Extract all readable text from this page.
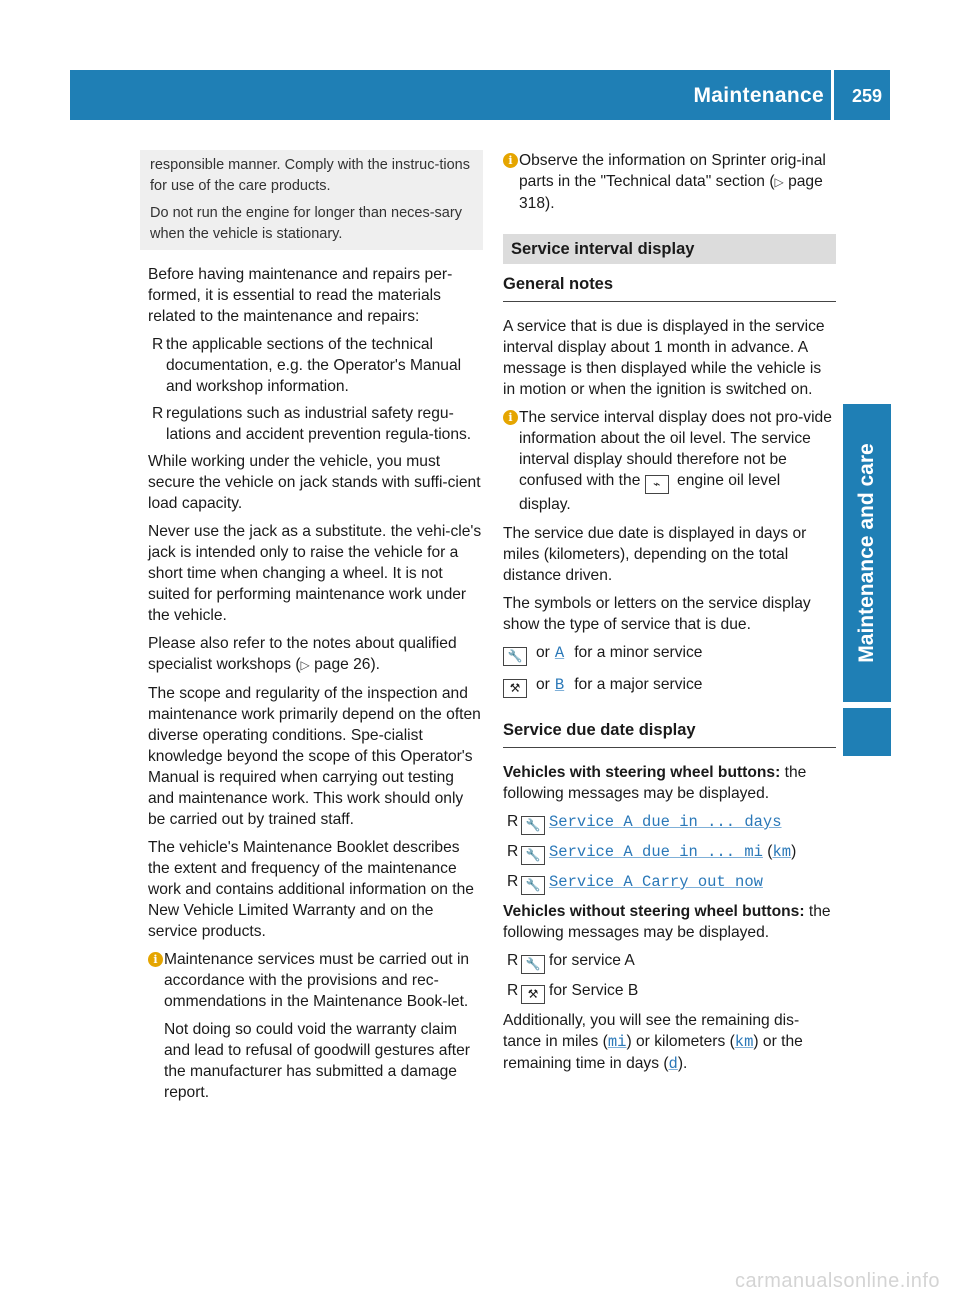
Maintenance 259
Maintenance and care

responsible manner. Comply with the instruc-tions for use of the care products.

Do not run the engine for longer than neces-sary when the vehicle is stationary.

Before having maintenance and repairs per-formed, it is essential to read the materials related to the maintenance and repairs:

R the applicable sections of the technical documentation, e.g. the Operator's Manual and workshop information.
R regulations such as industrial safety regu-lations and accident prevention regula-tions.

While working under the vehicle, you must secure the vehicle on jack stands with suffi-cient load capacity.

Never use the jack as a substitute. the vehi-cle's jack is intended only to raise the vehicle for a short time when changing a wheel. It is not suited for performing maintenance work under the vehicle.

Please also refer to the notes about qualified specialist workshops (▷ page 26).

The scope and regularity of the inspection and maintenance work primarily depend on the often diverse operating conditions. Spe-cialist knowledge beyond the scope of this Operator's Manual is required when carrying out testing and maintenance work. This work should only be carried out by trained staff.

The vehicle's Maintenance Booklet describes the extent and frequency of the maintenance work and contains additional information on the New Vehicle Limited Warranty and on the service products.

i Maintenance services must be carried out in accordance with the provisions and rec-ommendations in the Maintenance Book-let.

Not doing so could void the warranty claim and lead to refusal of goodwill gestures after the manufacturer has submitted a damage report.

i Observe the information on Sprinter orig-inal parts in the "Technical data" section (▷ page 318).

Service interval display
General notes

A service that is due is displayed in the service interval display about 1 month in advance. A message is then displayed while the vehicle is in motion or when the ignition is switched on.

i The service interval display does not pro-vide information about the oil level. The service interval display should therefore not be confused with the ⌁ engine oil level display.

The service due date is displayed in days or miles (kilometers), depending on the total distance driven.

The symbols or letters on the service display show the type of service that is due.

🔧 or A for a minor service
⚒ or B for a major service
Service due date display

Vehicles with steering wheel buttons: the following messages may be displayed.

R 🔧 Service A due in ... days
R 🔧 Service A due in ... mi (km)
R 🔧 Service A Carry out now

Vehicles without steering wheel buttons: the following messages may be displayed.

R 🔧 for service A
R ⚒ for Service B

Additionally, you will see the remaining dis-tance in miles (mi) or kilometers (km) or the remaining time in days (d).

carmanualsonline.info
